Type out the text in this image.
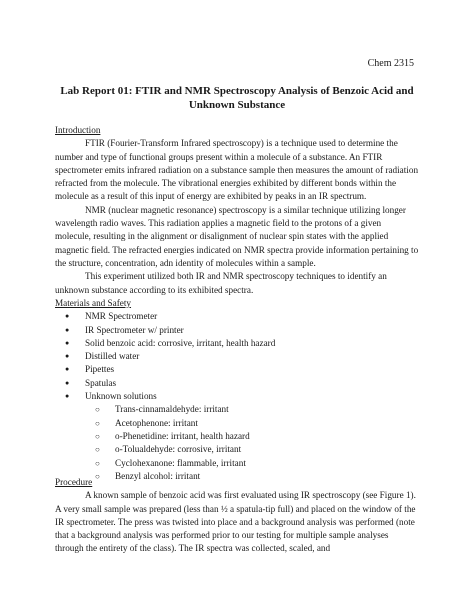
Chem 2315
Lab Report 01: FTIR and NMR Spectroscopy Analysis of Benzoic Acid and
Unknown Substance
Introduction

FTIR (Fourier-Transform Infrared spectroscopy) is a technique used to determine the number and type of functional groups present within a molecule of a substance. An FTIR spectrometer emits infrared radiation on a substance sample then measures the amount of radiation refracted from the molecule. The vibrational energies exhibited by different bonds within the molecule as a result of this input of energy are exhibited by peaks in an IR spectrum.

NMR (nuclear magnetic resonance) spectroscopy is a similar technique utilizing longer wavelength radio waves. This radiation applies a magnetic field to the protons of a given molecule, resulting in the alignment or disalignment of nuclear spin states with the applied magnetic field. The refracted energies indicated on NMR spectra provide information pertaining to the structure, concentration, adn identity of molecules within a sample.

This experiment utilized both IR and NMR spectroscopy techniques to identify an unknown substance according to its exhibited spectra.

Materials and Safety
● NMR Spectrometer
● IR Spectrometer w/ printer
● Solid benzoic acid: corrosive, irritant, health hazard
● Distilled water
● Pipettes
● Spatulas
● Unknown solutions
○ Trans-cinnamaldehyde: irritant
○ Acetophenone: irritant
○ o-Phenetidine: irritant, health hazard
○ o-Tolualdehyde: corrosive, irritant
○ Cyclohexanone: flammable, irritant
○ Benzyl alcohol: irritant
Procedure

A known sample of benzoic acid was first evaluated using IR spectroscopy (see Figure 1). A very small sample was prepared (less than ½ a spatula-tip full) and placed on the window of the IR spectrometer. The press was twisted into place and a background analysis was performed (note that a background analysis was performed prior to our testing for multiple sample analyses through the entirety of the class). The IR spectra was collected, scaled, and
